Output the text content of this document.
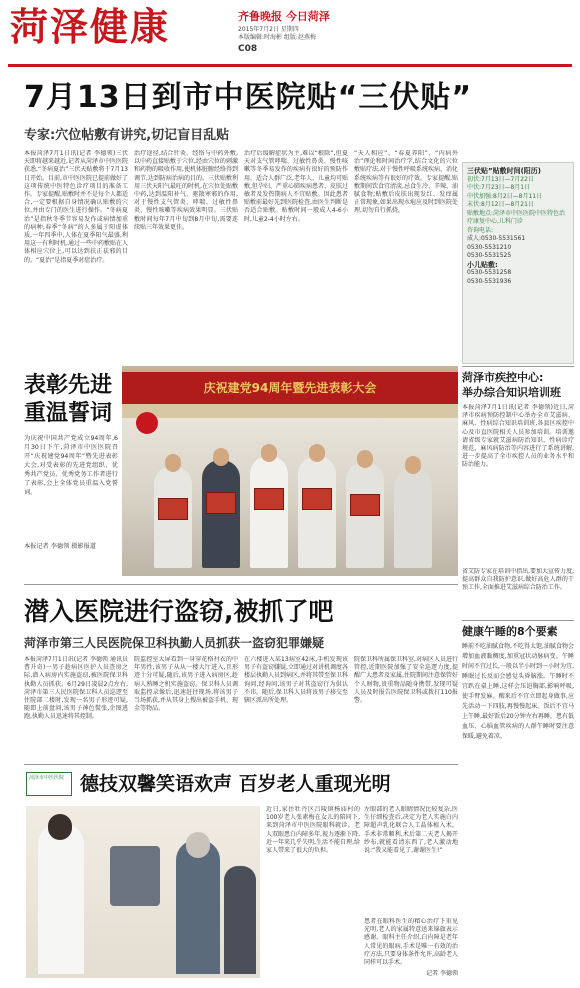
菏泽健康	齐鲁晚报 今日菏泽
2015年7月2日 星期四
本版编辑:时海彬 组版:赵燕梅
C08
7月13日到市中医院贴“三伏贴”
专家:穴位帖敷有讲究,切记盲目乱贴
本报菏泽7月1日讯(记者 李德领)三伏天即将越来越近,记者从菏泽市中医医院获悉,“冬病夏治”三伏天贴敷将于7月13日开始。目前,市中医医院已提前做好了这项传统中医特色诊疗项目的准备工作。专家提醒,贴敷时并不是每个人都适合,一定要根据自身情况确认贴敷的穴位,并由专门的医生进行操作。“冬病夏治”是指秋冬季节容易发作或病情加重的病种,春季“冬病”的人多属于阳虚体质,一年四季中,人体在夏季阳气最盛,利用这一有利时机,通过一些中药敷贴在人体相应穴位上,可以达到扶正祛邪的目的。“夏治”是指夏季对症治疗。
治疗途径,结合针灸、经络与中药外敷,以中药直接贴敷于穴位,经由穴位的刺激和药物的吸收作用,使机体脏腑经络得到调节,达到防病治病的目的。三伏贴敷利用三伏天阳气最旺的时机,在穴位处贴敷中药,达到温阳补气、驱散寒邪的作用,对于慢性支气管炎、哮喘、过敏性鼻炎、慢性咳嗽等疾病效果明显。三伏贴敷时间每年7月中旬到8月中旬,需要连续贴三年效果更佳。
治疗后缓解症状为主,难以“根除”,但夏天对支气管哮喘、过敏性鼻炎、慢性咳嗽等冬季易发作的疾病有很好的预防作用。适合人群广泛,老年人、儿童均可贴敷,但孕妇、严重心肺疾病患者、皮肤过敏者及发热期病人不宜贴敷。因此患者贴敷前最好先到医院检查,由医生判断是否适合贴敷。贴敷时间一般成人4-6小时,儿童2-4小时左右。
“天人相应”、“春夏养阳”、“内病外治”理论和时间治疗学,结合文化的穴位敷贴疗法,对于慢性呼吸系统疾病、消化系统疾病等有很好的疗效。专家提醒,贴敷期间饮食宜清淡,忌食生冷、辛辣、油腻食物;贴敷后皮肤出现发红、发痒属正常现象,如果出现水疱应及时到医院处理,切勿自行抓挠。
三伏贴”贴敷时间(阳历)
初伏:7月13日—7月22日
中伏:7月23日—8月1日
中伏加强:8月2日—8月11日
末伏:8月12日—8月21日
贴敷地点:菏泽市中医医院中医特色治疗康复中心,儿科门诊
咨询电话:
成人:0530-5531561
0530-5531210
0530-5531525
小儿贴敷:
0530-5531258
0530-5531936
表彰先进
重温誓词
为庆祝中国共产党成立94周年,6月30日下午,菏泽市中医医院召开“庆祝建党94周年”暨先进表彰大会,对受表彰的先进党组织、优秀共产党员、优秀党务工作者进行了表彰,会上全体党员重温入党誓词。
本报记者 李德领 摄影报道
庆祝建党94周年暨先进表彰大会
菏泽市疾控中心:
举办综合知识培训班
本报菏泽7月1日讯(记者 李德领)近日,菏泽市疾病预防控制中心举办全市艾滋病、麻风、性病综合知识培训班,各县区疾控中心及市直医院相关人员参加培训。培训邀请省级专家就艾滋病防治知识、性病诊疗规范、麻风病防治等内容进行了系统讲解,进一步提高了全市疾控人员的业务水平和防治能力。
省艾防专家在培训中指出,要加大宣传力度,提高群众自我防护意识,做好高危人群的干预工作,全面推进艾滋病综合防治工作。
健康午睡的8个要素
睡前不吃油腻食物,不吃得太饱,油腻食物会增加血液黏稠度,加重冠状动脉病变。午睡时间不宜过长,一般以半小时到一小时为宜,睡眠过长反而会感觉头昏脑涨。午睡时不宜趴在桌上睡,这样会压迫胸部,影响呼吸,使手臂发麻。醒来后不宜立即起身做事,应先活动一下四肢,再慢慢起床。饭后不宜马上午睡,最好饭后20分钟左右再睡。患有低血压、心脑血管疾病的人群午睡时要注意保暖,避免着凉。
潜入医院进行盗窃,被抓了吧
菏泽市第三人民医院保卫科执勤人员抓获一盗窃犯罪嫌疑
本报菏泽7月1日讯(记者 李德领 通讯员 曹升奇)一男子趁病区医护人员查房之际,潜入病房内实施盗窃,被医院保卫科执勤人员抓获。6月29日凌晨2点左右,菏泽市第三人民医院保卫科人员巡逻至住院部二楼时,发现一名男子形迹可疑,随即上前盘问,该男子神色慌张,企图逃跑,执勤人员迅速将其控制。
院监控室大屏看到一身穿花格衬衣的中年男性,该男子从从一楼大厅进入,且形迹十分可疑,随后,该男子进入病房区,趁病人熟睡之机实施盗窃。保卫科人员调取监控录像后,迅速赶往现场,将该男子当场抓获,并从其身上搜出被盗手机、现金等物品。
在六楼进入某13病室42床,手机发现该男子有盗窃嫌疑,立即通过对讲机调度各楼层执勤人员到病区,并将其带至保卫科询问,经询问,该男子对其盗窃行为供认不讳。随后,保卫科人员将该男子移交至辖区派出所处理。
院保卫科所属保卫科室,对病区人员进行管控,近期医院加强了安全巡逻力度,提醒广大患者及家属,住院期间注意保管好个人财物,贵重物品随身携带,发现可疑人员及时报告医院保卫科或拨打110报警。
菏泽市中医医院 德技双馨笑语欢声 百岁老人重现光明
近日,家住牡丹区吕陵镇杨庙村的100岁老人张素梅在女儿的陪同下,来到菏泽市中医医院眼科就诊。老人双眼患白内障多年,视力逐渐下降,近一年来几乎失明,生活不能自理,给家人带来了很大的负担。
左眼部的老人眼睛情况比较复杂,医生仔细检查后,决定为老人实施白内障超声乳化联合人工晶体植入术。手术非常顺利,术后第二天老人揭开纱布,就能看清东西了,老人激动地说:“我又能看见了,谢谢医生!”
患者在眼科医生的精心治疗下重见光明,老人的家属特意送来锦旗表示感谢。眼科主任介绍,白内障是老年人常见的眼病,手术是唯一有效的治疗方法,只要身体条件允许,高龄老人同样可以手术。
记者 李德领
